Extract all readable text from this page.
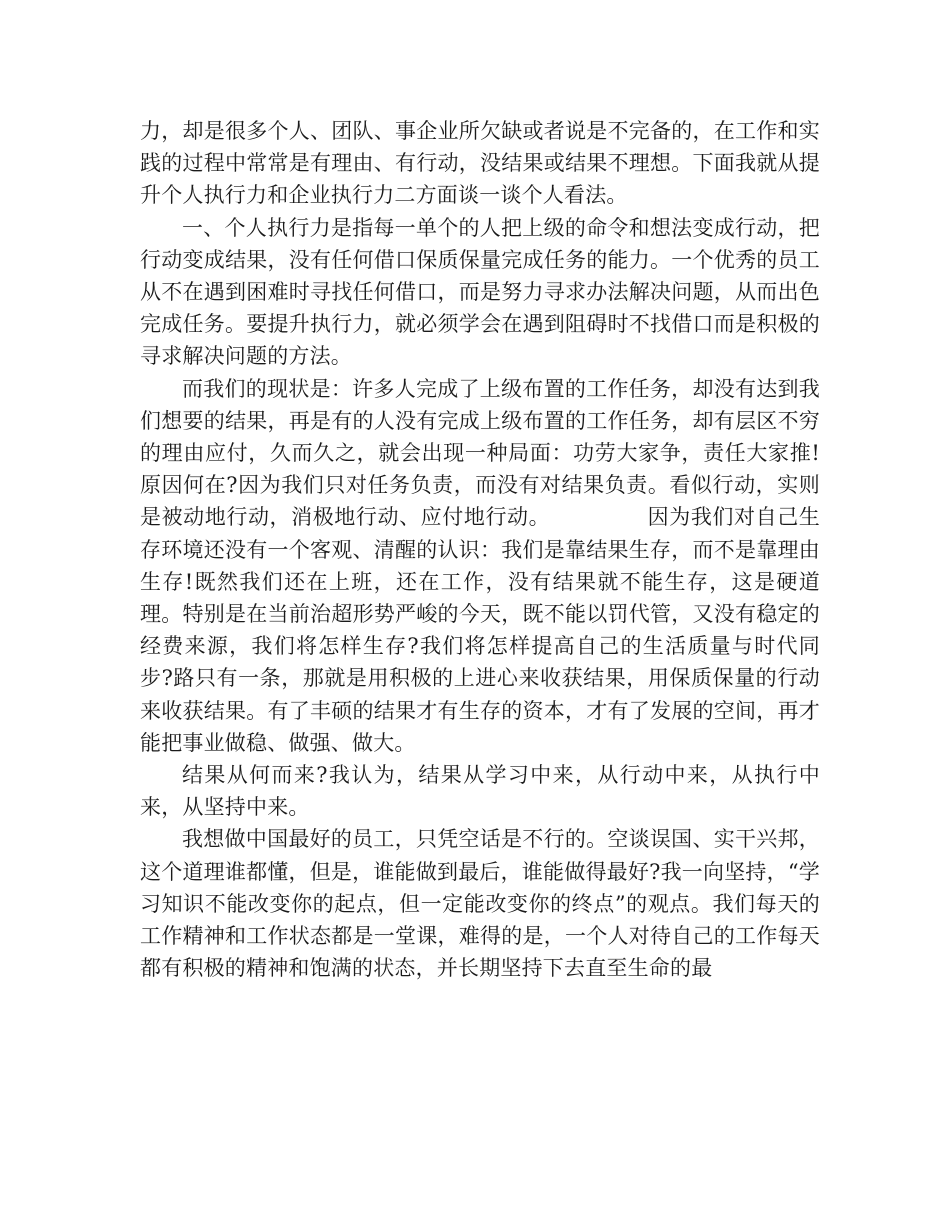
力，却是很多个人、团队、事企业所欠缺或者说是不完备的，在工作和实践的过程中常常是有理由、有行动，没结果或结果不理想。下面我就从提升个人执行力和企业执行力二方面谈一谈个人看法。

一、个人执行力是指每一单个的人把上级的命令和想法变成行动，把行动变成结果，没有任何借口保质保量完成任务的能力。一个优秀的员工从不在遇到困难时寻找任何借口，而是努力寻求办法解决问题，从而出色完成任务。要提升执行力，就必须学会在遇到阻碍时不找借口而是积极的寻求解决问题的方法。

而我们的现状是：许多人完成了上级布置的工作任务，却没有达到我们想要的结果，再是有的人没有完成上级布置的工作任务，却有层区不穷的理由应付，久而久之，就会出现一种局面：功劳大家争，责任大家推!原因何在?因为我们只对任务负责，而没有对结果负责。看似行动，实则是被动地行动，消极地行动、应付地行动。　　　　　因为我们对自己生存环境还没有一个客观、清醒的认识：我们是靠结果生存，而不是靠理由生存!既然我们还在上班，还在工作，没有结果就不能生存，这是硬道理。特别是在当前治超形势严峻的今天，既不能以罚代管，又没有稳定的经费来源，我们将怎样生存?我们将怎样提高自己的生活质量与时代同步?路只有一条，那就是用积极的上进心来收获结果，用保质保量的行动来收获结果。有了丰硕的结果才有生存的资本，才有了发展的空间，再才能把事业做稳、做强、做大。

结果从何而来?我认为，结果从学习中来，从行动中来，从执行中来，从坚持中来。

我想做中国最好的员工，只凭空话是不行的。空谈误国、实干兴邦，这个道理谁都懂，但是，谁能做到最后，谁能做得最好?我一向坚持，“学习知识不能改变你的起点，但一定能改变你的终点”的观点。我们每天的工作精神和工作状态都是一堂课，难得的是，一个人对待自己的工作每天都有积极的精神和饱满的状态，并长期坚持下去直至生命的最
